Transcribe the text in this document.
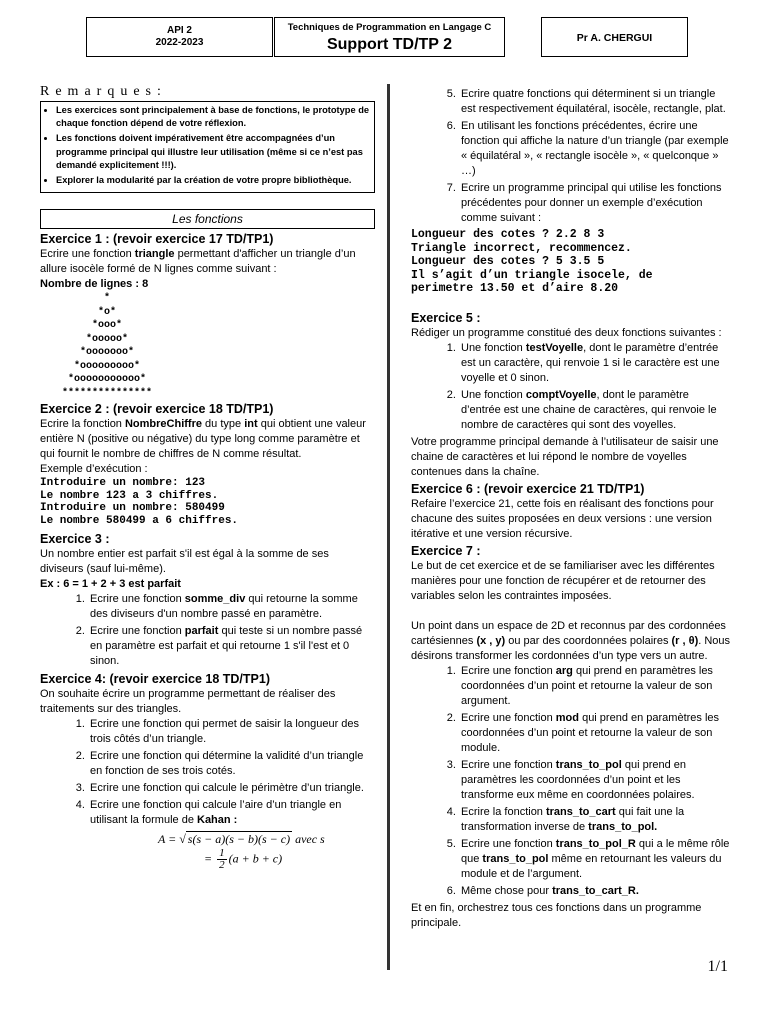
API 2
2022-2023
Techniques de Programmation en Langage C
Support TD/TP 2	Pr A. CHERGUI
Remarques:
• Les exercices sont principalement à base de fonctions, le prototype de chaque fonction dépend de votre réflexion.
• Les fonctions doivent impérativement être accompagnées d’un programme principal qui illustre leur utilisation (même si ce n’est pas demandé explicitement !!!).
• Explorer la modularité par la création de votre propre bibliothèque.
Les fonctions
Exercice 1 : (revoir exercice 17 TD/TP1)

Ecrire une fonction triangle permettant d'afficher un triangle d’un allure isocèle formé de N lignes comme suivant :

Nombre de lignes : 8

*
*o*
*ooo*
*ooooo*
*ooooooo*
*ooooooooo*
*ooooooooooo*
***************
Exercice 2 : (revoir exercice 18 TD/TP1)

Ecrire la fonction NombreChiffre du type int qui obtient une valeur entière N (positive ou négative) du type long comme paramètre et qui fournit le nombre de chiffres de N comme résultat.

Exemple d’exécution :

Introduire un nombre: 123
Le nombre 123 a 3 chiffres.
Introduire un nombre: 580499
Le nombre 580499 a 6 chiffres.
Exercice 3 :

Un nombre entier est parfait s'il est égal à la somme de ses diviseurs (sauf lui-même).

Ex : 6 = 1 + 2 + 3 est parfait

1. Ecrire une fonction somme_div qui retourne la somme des diviseurs d'un nombre passé en paramètre.
2. Ecrire une fonction parfait qui teste si un nombre passé en paramètre est parfait et qui retourne 1 s'il l'est et 0 sinon.
Exercice 4: (revoir exercice 18 TD/TP1)

On souhaite écrire un programme permettant de réaliser des traitements sur des triangles.

1. Ecrire une fonction qui permet de saisir la longueur des trois côtés d’un triangle.
2. Ecrire une fonction qui détermine la validité d’un triangle en fonction de ses trois cotés.
3. Ecrire une fonction qui calcule le périmètre d’un triangle.
4. Ecrire une fonction qui calcule l’aire d’un triangle en utilisant la formule de Kahan :
A = √ s(s − a)(s − b)(s − c) avec s
= $\frac{1}{2} (a + b + c)$
5. Ecrire quatre fonctions qui déterminent si un triangle est respectivement équilatéral, isocèle, rectangle, plat.
6. En utilisant les fonctions précédentes, écrire une fonction qui affiche la nature d’un triangle (par exemple « équilatéral », « rectangle isocèle », « quelconque » …)
7. Ecrire un programme principal qui utilise les fonctions précédentes pour donner un exemple d’exécution comme suivant :
Longueur des cotes ? 2.2 8 3
Triangle incorrect, recommencez.
Longueur des cotes ? 5 3.5 5
Il s’agit d’un triangle isocele, de
perimetre 13.50 et d’aire 8.20
Exercice 5 :

Rédiger un programme constitué des deux fonctions suivantes :

1. Une fonction testVoyelle, dont le paramètre d’entrée est un caractère, qui renvoie 1 si le caractère est une voyelle et 0 sinon.
2. Une fonction comptVoyelle, dont le paramètre d’entrée est une chaine de caractères, qui renvoie le nombre de caractères qui sont des voyelles.

Votre programme principal demande à l’utilisateur de saisir une chaine de caractères et lui répond le nombre de voyelles contenues dans la chaîne.

Exercice 6 : (revoir exercice 21 TD/TP1)

Refaire l’exercice 21, cette fois en réalisant des fonctions pour chacune des suites proposées en deux versions : une version itérative et une version récursive.

Exercice 7 :

Le but de cet exercice et de se familiariser avec les différentes manières pour une fonction de récupérer et de retourner des variables selon les contraintes imposées.

Un point dans un espace de 2D et reconnus par des cordonnées cartésiennes (x , y) ou par des coordonnées polaires (r , θ). Nous désirons transformer les cordonnées d’un type vers un autre.

1. Ecrire une fonction arg qui prend en paramètres les coordonnées d’un point et retourne la valeur de son argument.
2. Ecrire une fonction mod qui prend en paramètres les coordonnées d’un point et retourne la valeur de son module.
3. Ecrire une fonction trans_to_pol qui prend en paramètres les coordonnées d’un point et les transforme eux même en coordonnées polaires.
4. Ecrire la fonction trans_to_cart qui fait une la transformation inverse de trans_to_pol.
5. Ecrire une fonction trans_to_pol_R qui a le même rôle que trans_to_pol même en retournant les valeurs du module et de l’argument.
6. Même chose pour trans_to_cart_R.

Et en fin, orchestrez tous ces fonctions dans un programme principale.

1/1
